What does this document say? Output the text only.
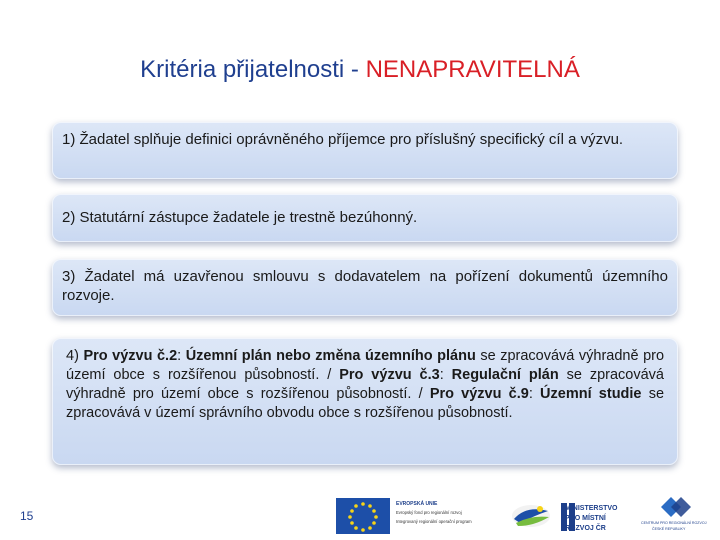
Kritéria přijatelnosti - NENAPRAVITELNÁ
1) Žadatel splňuje definici oprávněného příjemce pro příslušný specifický cíl a výzvu.
2) Statutární zástupce žadatele je trestně bezúhonný.
3) Žadatel má uzavřenou smlouvu s dodavatelem na pořízení dokumentů územního rozvoje.
4) Pro výzvu č.2: Územní plán nebo změna územního plánu se zpracovává výhradně pro území obce s rozšířenou působností. / Pro výzvu č.3: Regulační plán se zpracovává výhradně pro území obce s rozšířenou působností. / Pro výzvu č.9: Územní studie se zpracovává v území správního obvodu obce s rozšířenou působností.
15
EVROPSKÁ UNIE
Evropský fond pro regionální rozvoj
Integrovaný regionální operační program
MINISTERSTVO
PRO MÍSTNÍ
ROZVOJ ČR
CENTRUM PRO REGIONÁLNÍ ROZVOJ
ČESKÉ REPUBLIKY
